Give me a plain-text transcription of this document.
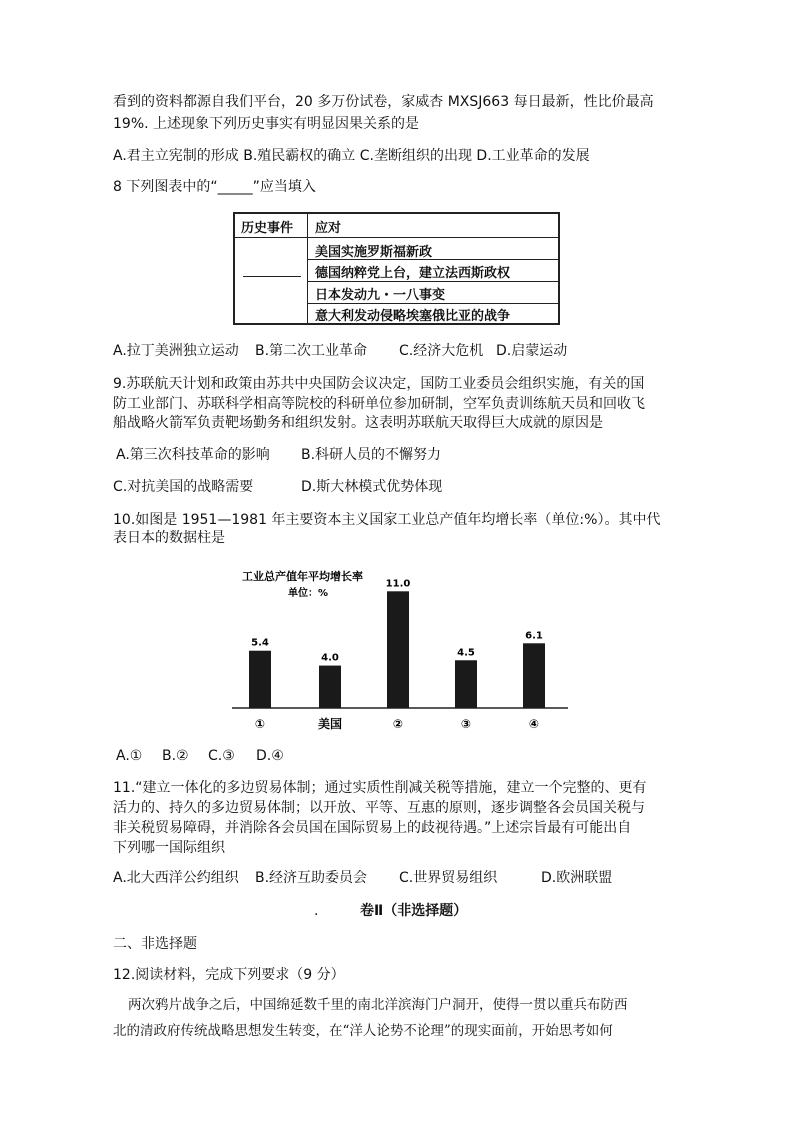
看到的资料都源自我们平台，20 多万份试卷，家威杏 MXSJ663 每日最新，性比价最高
19%. 上述现象下列历史事实有明显因果关系的是
A.君主立宪制的形成 B.殖民霸权的确立 C.垄断组织的出现 D.工业革命的发展
8 下列图表中的“_____”应当填入
历史事件 应对
美国实施罗斯福新政
德国纳粹党上台，建立法西斯政权
日本发动九・一八事变
意大利发动侵略埃塞俄比亚的战争
A.拉丁美洲独立运动 B.第二次工业革命 C.经济大危机 D.启蒙运动
9.苏联航天计划和政策由苏共中央国防会议决定，国防工业委员会组织实施，有关的国
防工业部门、苏联科学相高等院校的科研单位参加研制，空军负责训练航天员和回收飞
船战略火箭军负责靶场勤务和组织发射。这表明苏联航天取得巨大成就的原因是
A.第三次科技革命的影响 B.科研人员的不懈努力
C.对抗美国的战略需要	D.斯大林模式优势体现
10.如图是 1951—1981 年主要资本主义国家工业总产值年均增长率（单位:%）。其中代
表日本的数据柱是
工业总产值年平均增长率
单位：%
5.4
①
4.0
美国
11.0
②
4.5
③
6.1
④
A.① B.② C.③ D.④
11.“建立一体化的多边贸易体制；通过实质性削减关税等措施，建立一个完整的、更有
活力的、持久的多边贸易体制；以开放、平等、互惠的原则，逐步调整各会员国关税与
非关税贸易障碍，并消除各会员国在国际贸易上的歧视待遇。”上述宗旨最有可能出自
下列哪一国际组织
A.北大西洋公约组织 B.经济互助委员会 C.世界贸易组织	D.欧洲联盟
.	卷Ⅱ（非选择题）
二、非选择题
12.阅读材料，完成下列要求（9 分）
两次鸦片战争之后，中国绵延数千里的南北洋滨海门户洞开，使得一贯以重兵布防西
北的清政府传统战略思想发生转变，在“洋人论势不论理”的现实面前，开始思考如何
